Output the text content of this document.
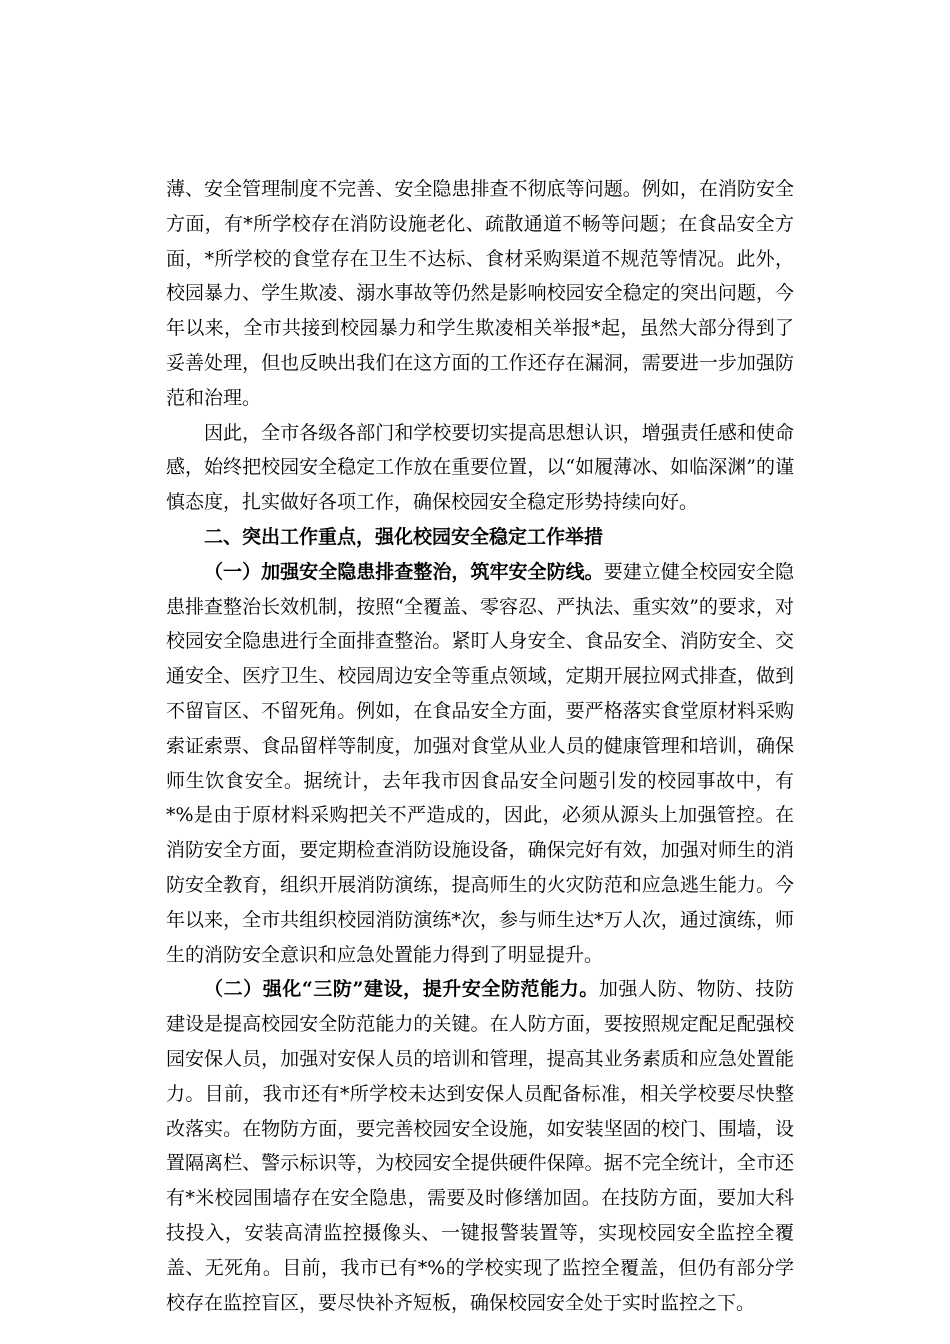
薄、安全管理制度不完善、安全隐患排查不彻底等问题。例如，在消防安全方面，有*所学校存在消防设施老化、疏散通道不畅等问题；在食品安全方面，*所学校的食堂存在卫生不达标、食材采购渠道不规范等情况。此外，校园暴力、学生欺凌、溺水事故等仍然是影响校园安全稳定的突出问题，今年以来，全市共接到校园暴力和学生欺凌相关举报*起，虽然大部分得到了妥善处理，但也反映出我们在这方面的工作还存在漏洞，需要进一步加强防范和治理。

因此，全市各级各部门和学校要切实提高思想认识，增强责任感和使命感，始终把校园安全稳定工作放在重要位置，以“如履薄冰、如临深渊”的谨慎态度，扎实做好各项工作，确保校园安全稳定形势持续向好。

二、突出工作重点，强化校园安全稳定工作举措

（一）加强安全隐患排查整治，筑牢安全防线。要建立健全校园安全隐患排查整治长效机制，按照“全覆盖、零容忍、严执法、重实效”的要求，对校园安全隐患进行全面排查整治。紧盯人身安全、食品安全、消防安全、交通安全、医疗卫生、校园周边安全等重点领域，定期开展拉网式排查，做到不留盲区、不留死角。例如，在食品安全方面，要严格落实食堂原材料采购索证索票、食品留样等制度，加强对食堂从业人员的健康管理和培训，确保师生饮食安全。据统计，去年我市因食品安全问题引发的校园事故中，有*%是由于原材料采购把关不严造成的，因此，必须从源头上加强管控。在消防安全方面，要定期检查消防设施设备，确保完好有效，加强对师生的消防安全教育，组织开展消防演练，提高师生的火灾防范和应急逃生能力。今年以来，全市共组织校园消防演练*次，参与师生达*万人次，通过演练，师生的消防安全意识和应急处置能力得到了明显提升。

（二）强化“三防”建设，提升安全防范能力。加强人防、物防、技防建设是提高校园安全防范能力的关键。在人防方面，要按照规定配足配强校园安保人员，加强对安保人员的培训和管理，提高其业务素质和应急处置能力。目前，我市还有*所学校未达到安保人员配备标准，相关学校要尽快整改落实。在物防方面，要完善校园安全设施，如安装坚固的校门、围墙，设置隔离栏、警示标识等，为校园安全提供硬件保障。据不完全统计，全市还有*米校园围墙存在安全隐患，需要及时修缮加固。在技防方面，要加大科技投入，安装高清监控摄像头、一键报警装置等，实现校园安全监控全覆盖、无死角。目前，我市已有*%的学校实现了监控全覆盖，但仍有部分学校存在监控盲区，要尽快补齐短板，确保校园安全处于实时监控之下。
